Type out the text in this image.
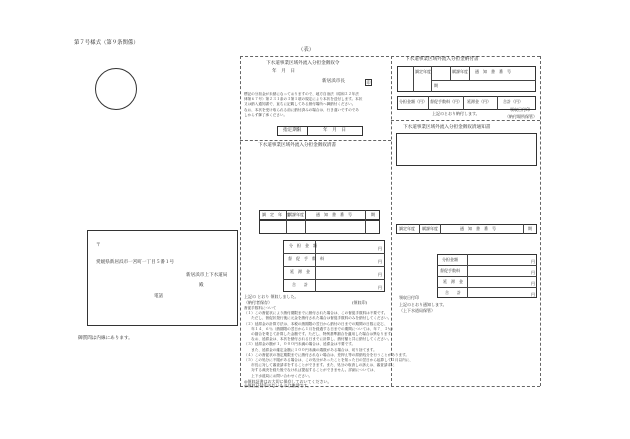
第７号様式（第９条関係）
（表）
〒
愛媛県新居浜市一宮町一丁目５番１号
新居浜市上下水道局
殿
電話
御質問は内線にあります。
下水道事業区域外流入分担金徴収令
年　月　日
新居浜市長	印
標記の分担金が未納になっておりますので、地方自治法（昭和２２年法
律第６７号）第２３１条の３第１項の規定により本状を送付します。本状
又は納入通知書で、直ちに記載してある納付場所へ御納付ください。
なお、本状を受け取られる前に納付済みの場合は、行き違いですのであ
しからず御了承ください。
指定期限	年　月　日
下水道事業区域外流入分担金徴収済書
調　定　年　度
賦課年度	通　知　書　番　号	期
分　担　金　額
円
督　促　手　数　料
円
延　滞　金
円
合　　計
円
上記の とおり 領収しました。
（納付者保存）	(領収印)
督促手数料について
（１）この督促状により納付期限までに納付された場合は、この督促手数料は不要です。
　　ただし、督促状発行後に元金を納付された場合は督促手数料のみを納付してください。
（２）延滞金の計算方法は、本税の納期限の翌日から納付の日までの期間の日数に応じ、
　　年１４．６％（納期限の翌日から１月を経過する日までの期間については、年７．３％）
　　の割合を乗じて計算した金額です。ただし、特例基準割合を適用した場合は異なります。
　　なお、延滞金は、本状を納付される日までに計算し、納付額と共に納付してください。
（３）延滞金の額が１，０００円未満の場合は、延滞金は不要です。
　　また、延滞金の確定金額に１００円未満の端数がある場合は、切り捨てます。
（４）この督促状の指定期限までに納付されない場合は、差押え等の滞納処分を行うことがあります。
（５）この処分に不服がある場合は、この処分があったことを知った日の翌日から起算して３月以内に、
　　市長に対して審査請求をすることができます。また、処分の取消しの訴えは、審査請求に
　　対する裁決を経た後でなければ提起することができません。詳細については、
　　上下水道局にお問い合わせください。
◎領収証書はお大切に保存しておいてください。
◎領収日付印のないものは無効です。
下水道事業区域外流入分担金納付書
調定年度	賦課年度 通　知　書　番　号
期
分担金額（円） 督促手数料（円） 延滞金（円）	合計（円）
上記のとおり納付します。
領収日付印
（納付場所保管）
下水道事業区域外流入分担金徴収済通知書
調定年度 賦課年度	通　知　書　番　号	期
分担金額	円
督促手数料	円
延　滞　金	円
合　　計	円
領収日付印
上記のとおり通知します。
（上下水道局保管）
